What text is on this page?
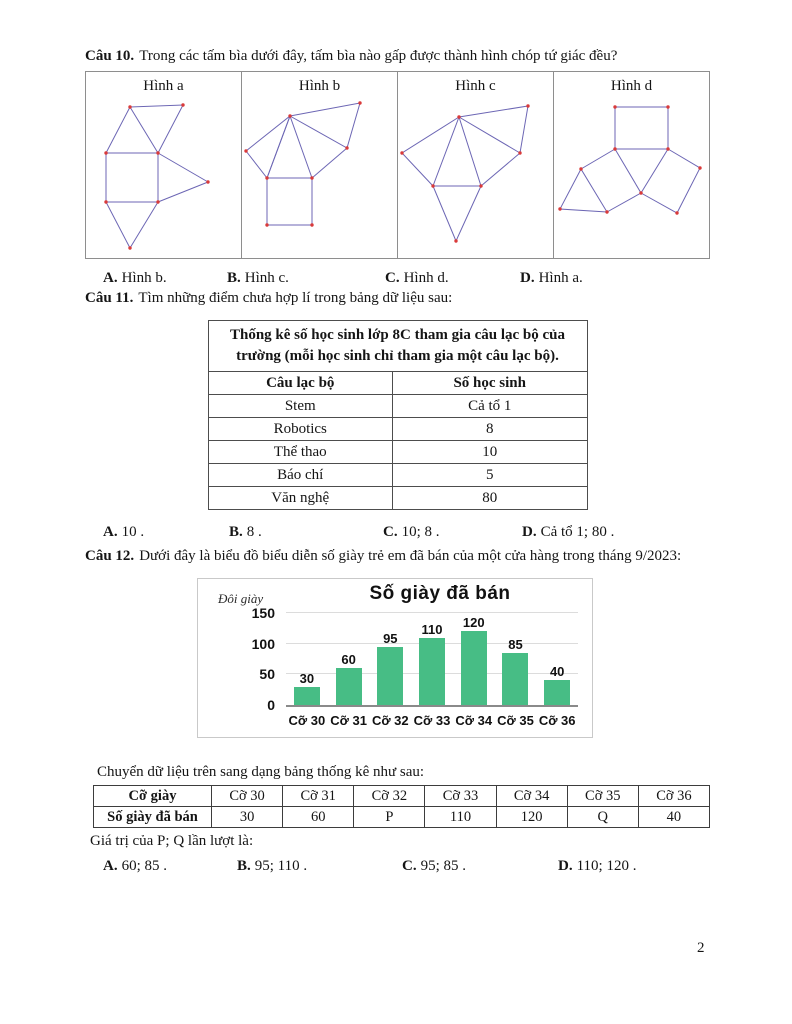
Câu 10. Trong các tấm bìa dưới đây, tấm bìa nào gấp được thành hình chóp tứ giác đều?
Hình a	Hình b	Hình c	Hình d
A. Hình b.	B. Hình c.	C. Hình d.	D. Hình a.
Câu 11. Tìm những điểm chưa hợp lí trong bảng dữ liệu sau:
Thống kê số học sinh lớp 8C tham gia câu lạc bộ của
trường (mỗi học sinh chỉ tham gia một câu lạc bộ).	
Câu lạc bộ	Số học sinh
Stem	Cả tổ 1
Robotics	8
Thể thao	10
Báo chí	5
Văn nghệ	80
A. 10 .	B. 8 .	C. 10; 8 .	D. Cả tổ 1; 80 .
Câu 12. Dưới đây là biểu đồ biểu diễn số giày trẻ em đã bán của một cửa hàng trong tháng 9/2023:
Đôi giày	Số giày đã bán
30
60
95
110 120
85
40
0
50
100
150
Cỡ 30 Cỡ 31 Cỡ 32 Cỡ 33 Cỡ 34 Cỡ 35 Cỡ 36
Chuyển dữ liệu trên sang dạng bảng thống kê như sau:
Cỡ giày	Cỡ 30	Cỡ 31	Cỡ 32	Cỡ 33	Cỡ 34	Cỡ 35	Cỡ 36
Số giày đã bán	30	60	P	110	120	Q	40
Giá trị của P; Q lần lượt là:
A. 60; 85 .	B. 95; 110 .	C. 95; 85 .	D. 110; 120 .
2
